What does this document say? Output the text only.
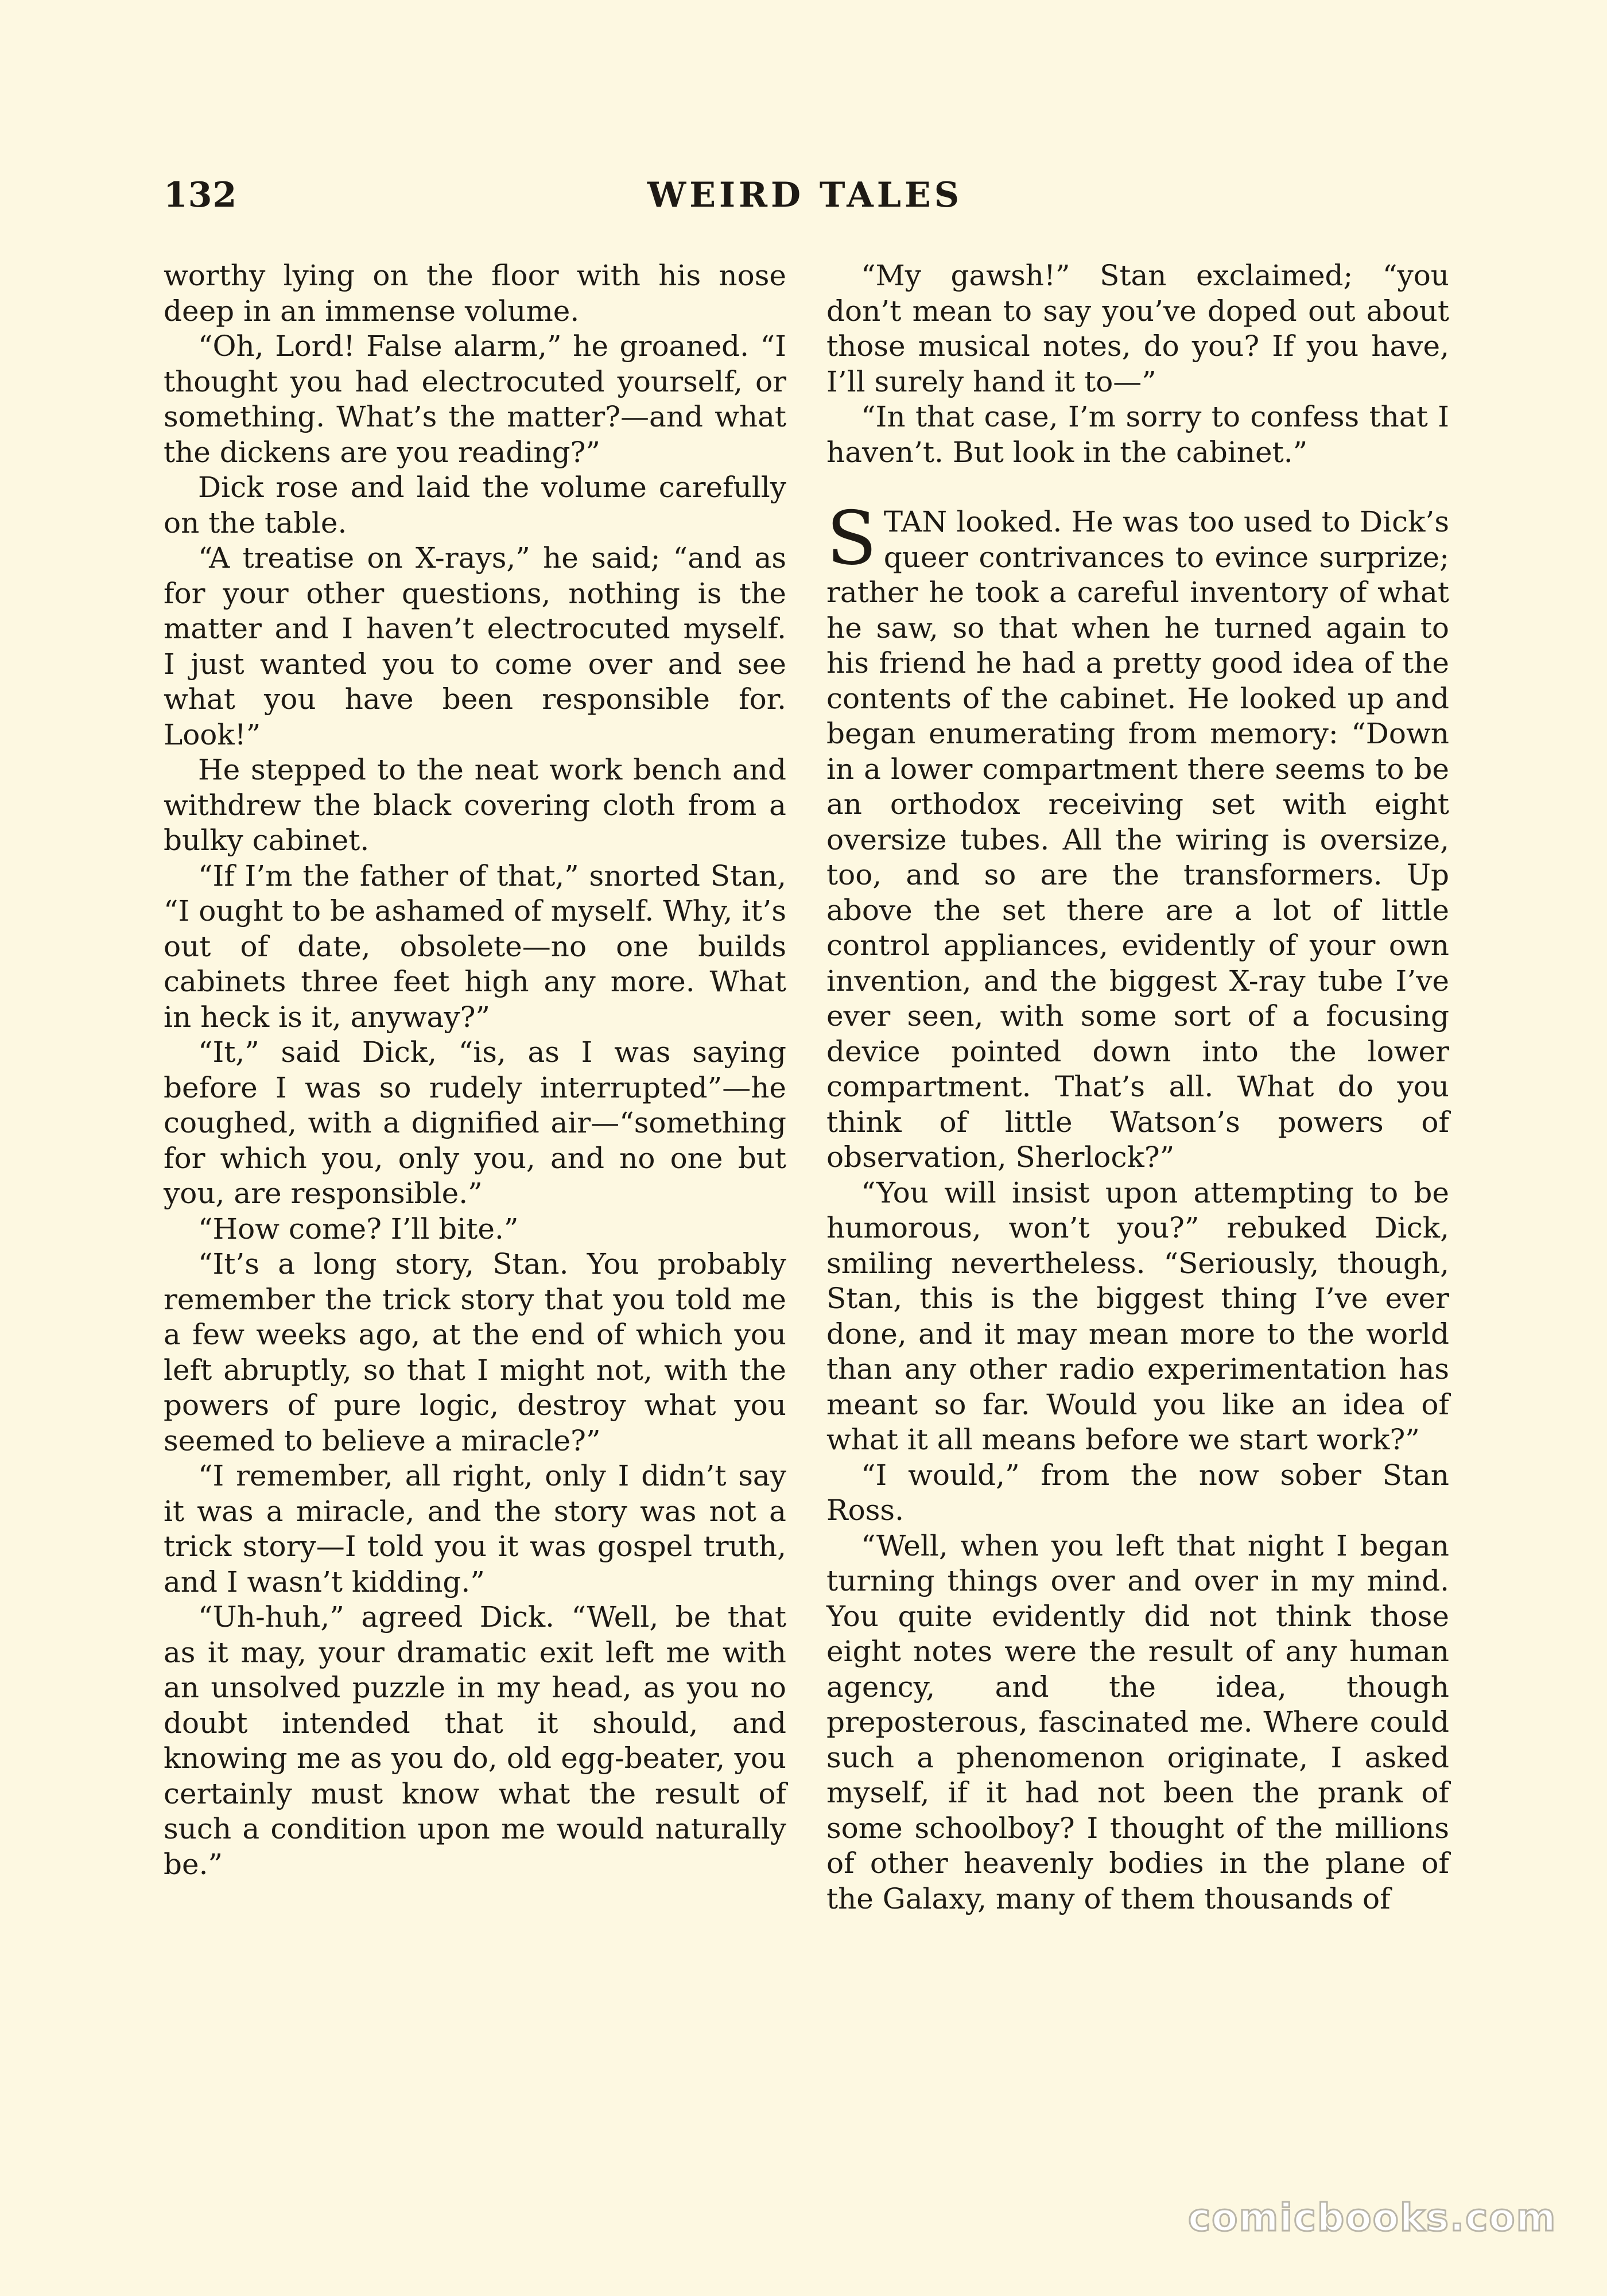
132	WEIRD TALES

worthy lying on the floor with his nose deep in an immense volume.

“Oh, Lord! False alarm,” he groaned. “I thought you had electrocuted yourself, or something. What’s the matter?—and what the dickens are you reading?”

Dick rose and laid the volume carefully on the table.

“A treatise on X-rays,” he said; “and as for your other questions, nothing is the matter and I haven’t electrocuted myself. I just wanted you to come over and see what you have been responsible for. Look!”

He stepped to the neat work bench and withdrew the black covering cloth from a bulky cabinet.

“If I’m the father of that,” snorted Stan, “I ought to be ashamed of myself. Why, it’s out of date, obsolete—no one builds cabinets three feet high any more. What in heck is it, anyway?”

“It,” said Dick, “is, as I was saying before I was so rudely interrupted”—he coughed, with a dignified air—“something for which you, only you, and no one but you, are responsible.”

“How come? I’ll bite.”

“It’s a long story, Stan. You probably remember the trick story that you told me a few weeks ago, at the end of which you left abruptly, so that I might not, with the powers of pure logic, destroy what you seemed to believe a miracle?”

“I remember, all right, only I didn’t say it was a miracle, and the story was not a trick story—I told you it was gospel truth, and I wasn’t kidding.”

“Uh-huh,” agreed Dick. “Well, be that as it may, your dramatic exit left me with an unsolved puzzle in my head, as you no doubt intended that it should, and knowing me as you do, old egg-beater, you certainly must know what the result of such a condition upon me would naturally be.”

“My gawsh!” Stan exclaimed; “you don’t mean to say you’ve doped out about those musical notes, do you? If you have, I’ll surely hand it to—”

“In that case, I’m sorry to confess that I haven’t. But look in the cabinet.”

STAN looked. He was too used to Dick’s queer contrivances to evince surprize; rather he took a careful inventory of what he saw, so that when he turned again to his friend he had a pretty good idea of the contents of the cabinet. He looked up and began enumerating from memory: “Down in a lower compartment there seems to be an orthodox receiving set with eight oversize tubes. All the wiring is oversize, too, and so are the transformers. Up above the set there are a lot of little control appliances, evidently of your own invention, and the biggest X-ray tube I’ve ever seen, with some sort of a focusing device pointed down into the lower compartment. That’s all. What do you think of little Watson’s powers of observation, Sherlock?”

“You will insist upon attempting to be humorous, won’t you?” rebuked Dick, smiling nevertheless. “Seriously, though, Stan, this is the biggest thing I’ve ever done, and it may mean more to the world than any other radio experimentation has meant so far. Would you like an idea of what it all means before we start work?”

“I would,” from the now sober Stan Ross.

“Well, when you left that night I began turning things over and over in my mind. You quite evidently did not think those eight notes were the result of any human agency, and the idea, though preposterous, fascinated me. Where could such a phenomenon originate, I asked myself, if it had not been the prank of some schoolboy? I thought of the millions of other heavenly bodies in the plane of the Galaxy, many of them thousands of

comicbooks.com
